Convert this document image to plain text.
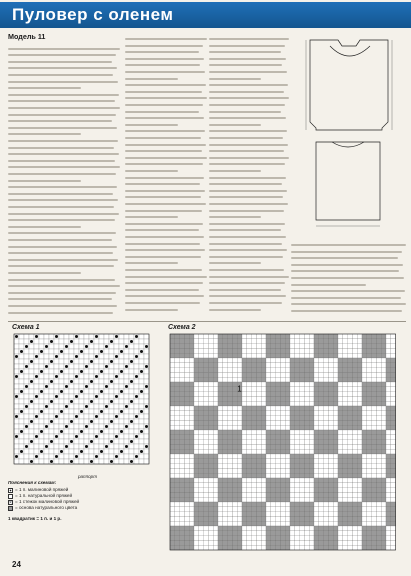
Пуловер с оленем
Модель 11
Схема 1
раппорт
Схема 2
1
Пояснения к схемам:
= 1 п. малиновой пряжей
= 1 п. натуральной пряжей
× = 1 стежок малиновой пряжей
= основа натурального цвета
1 квадратик = 1 п. и 1 р.
24
